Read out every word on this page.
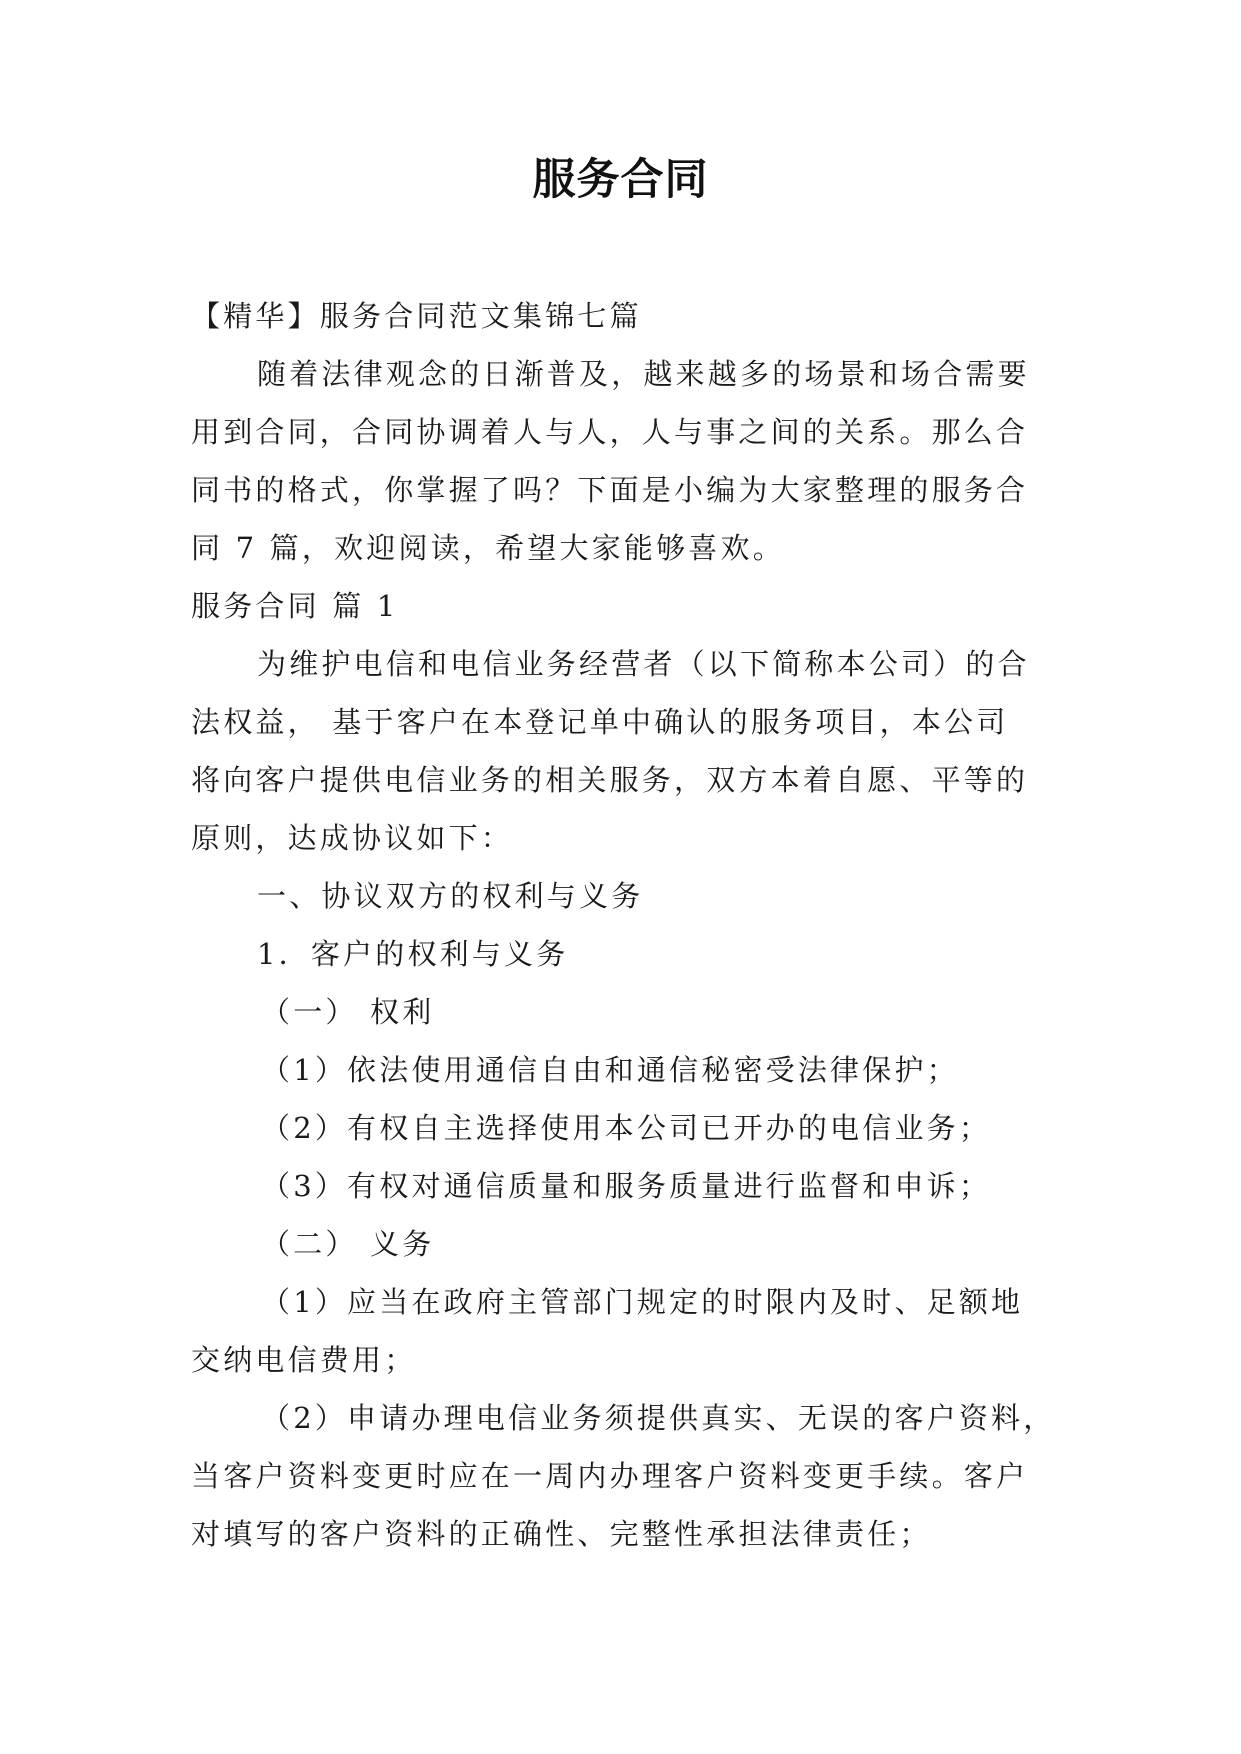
服务合同
【精华】服务合同范文集锦七篇
随着法律观念的日渐普及，越来越多的场景和场合需要
用到合同，合同协调着人与人，人与事之间的关系。那么合
同书的格式，你掌握了吗？下面是小编为大家整理的服务合
同 7 篇，欢迎阅读，希望大家能够喜欢。
服务合同 篇 1
为维护电信和电信业务经营者（以下简称本公司）的合
法权益， 基于客户在本登记单中确认的服务项目，本公司
将向客户提供电信业务的相关服务，双方本着自愿、平等的
原则，达成协议如下：
一、协议双方的权利与义务
1．客户的权利与义务
（一） 权利
（1）依法使用通信自由和通信秘密受法律保护；
（2）有权自主选择使用本公司已开办的电信业务；
（3）有权对通信质量和服务质量进行监督和申诉；
（二） 义务
（1）应当在政府主管部门规定的时限内及时、足额地
交纳电信费用；
（2）申请办理电信业务须提供真实、无误的客户资料，
当客户资料变更时应在一周内办理客户资料变更手续。客户
对填写的客户资料的正确性、完整性承担法律责任；
